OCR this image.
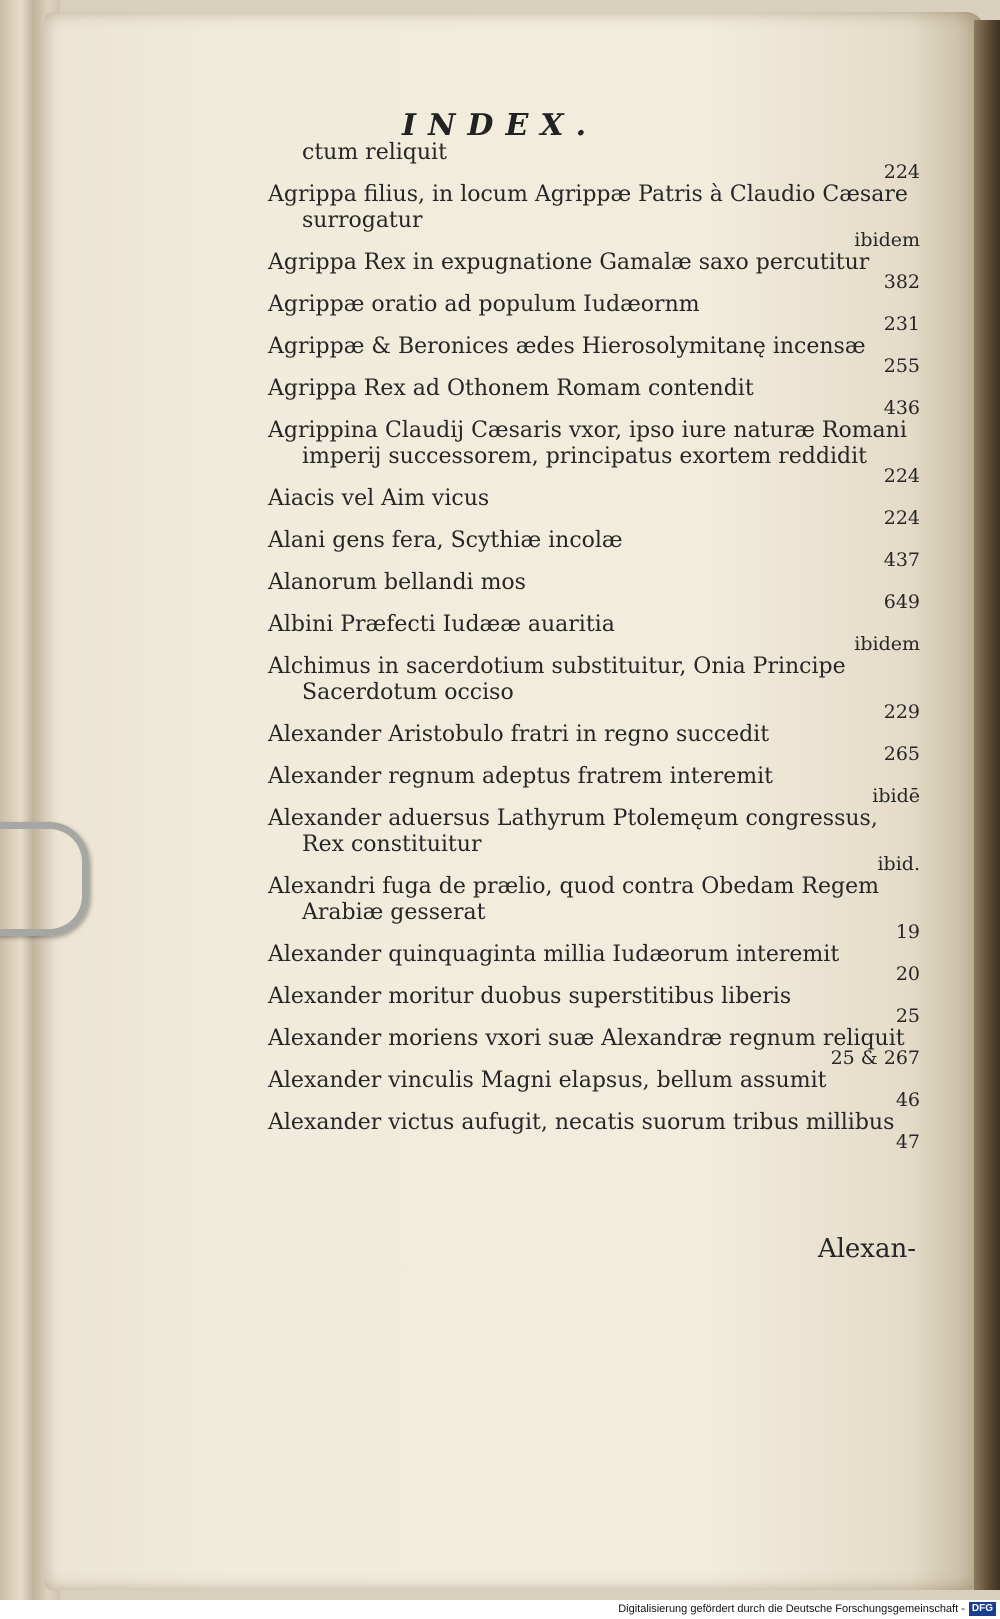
INDEX.
ctum reliquit
224
Agrippa filius, in locum Agrippæ Patris à Claudio Cæsare surrogatur
ibidem
Agrippa Rex in expugnatione Gamalæ saxo percutitur
382
Agrippæ oratio ad populum Iudæornm
231
Agrippæ & Beronices ædes Hierosolymitanę incensæ
255
Agrippa Rex ad Othonem Romam contendit
436
Agrippina Claudij Cæsaris vxor, ipso iure naturæ Romani imperij successorem, principatus exortem reddidit
224
Aiacis vel Aim vicus
224
Alani gens fera, Scythiæ incolæ
437
Alanorum bellandi mos
649
Albini Præfecti Iudææ auaritia
ibidem
Alchimus in sacerdotium substituitur, Onia Principe Sacerdotum occiso
229
Alexander Aristobulo fratri in regno succedit
265
Alexander regnum adeptus fratrem interemit
ibidē
Alexander aduersus Lathyrum Ptolemęum congressus, Rex constituitur
ibid.
Alexandri fuga de prælio, quod contra Obedam Regem Arabiæ gesserat
19
Alexander quinquaginta millia Iudæorum interemit
20
Alexander moritur duobus superstitibus liberis
25
Alexander moriens vxori suæ Alexandræ regnum reliquit
25 & 267
Alexander vinculis Magni elapsus, bellum assumit
46
Alexander victus aufugit, necatis suorum tribus millibus
47
Alexan-
Digitalisierung gefördert durch die Deutsche Forschungsgemeinschaft - DFG
